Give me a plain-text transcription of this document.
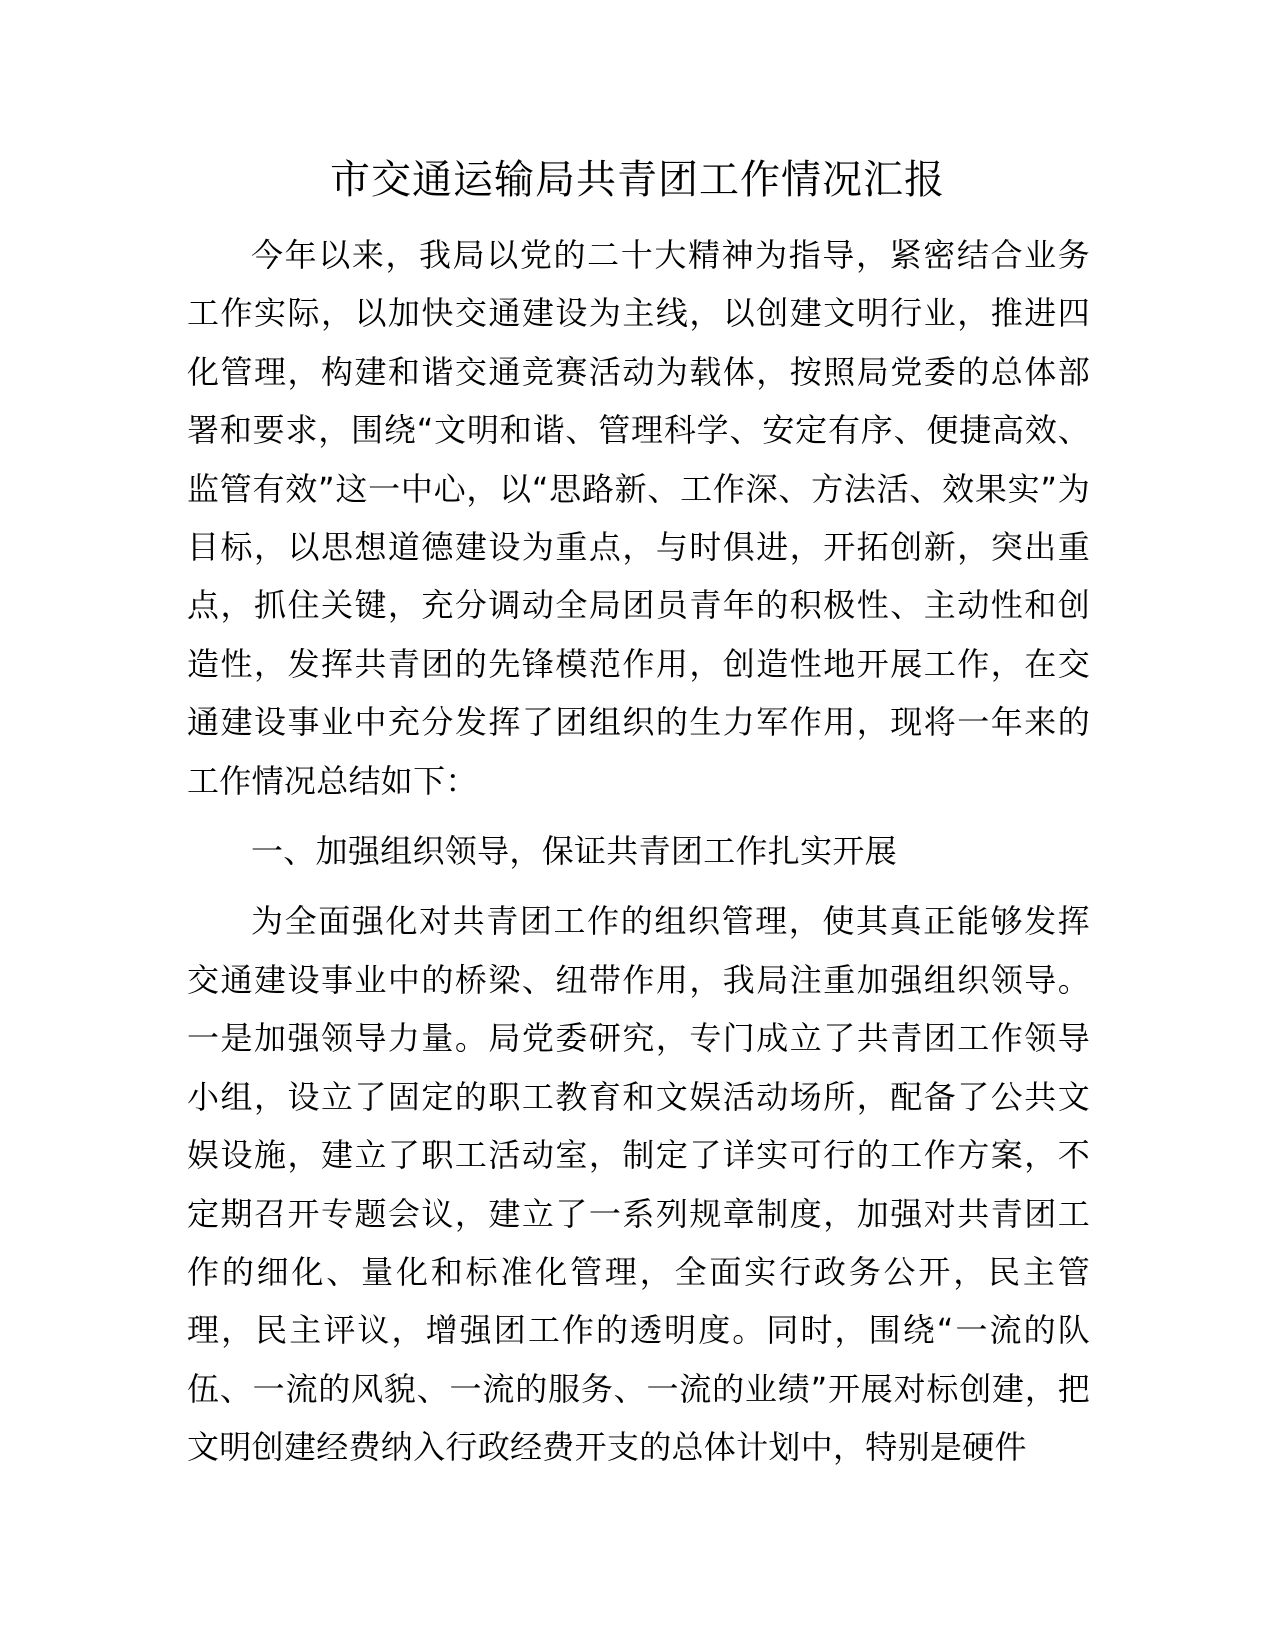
市交通运输局共青团工作情况汇报

今年以来，我局以党的二十大精神为指导，紧密结合业务工作实际，以加快交通建设为主线，以创建文明行业，推进四化管理，构建和谐交通竞赛活动为载体，按照局党委的总体部署和要求，围绕“文明和谐、管理科学、安定有序、便捷高效、监管有效”这一中心，以“思路新、工作深、方法活、效果实”为目标，以思想道德建设为重点，与时俱进，开拓创新，突出重点，抓住关键，充分调动全局团员青年的积极性、主动性和创造性，发挥共青团的先锋模范作用，创造性地开展工作，在交通建设事业中充分发挥了团组织的生力军作用，现将一年来的工作情况总结如下：

一、加强组织领导，保证共青团工作扎实开展

为全面强化对共青团工作的组织管理，使其真正能够发挥交通建设事业中的桥梁、纽带作用，我局注重加强组织领导。一是加强领导力量。局党委研究，专门成立了共青团工作领导小组，设立了固定的职工教育和文娱活动场所，配备了公共文娱设施，建立了职工活动室，制定了详实可行的工作方案，不定期召开专题会议，建立了一系列规章制度，加强对共青团工作的细化、量化和标准化管理，全面实行政务公开，民主管理，民主评议，增强团工作的透明度。同时，围绕“一流的队伍、一流的风貌、一流的服务、一流的业绩”开展对标创建，把文明创建经费纳入行政经费开支的总体计划中，特别是硬件
